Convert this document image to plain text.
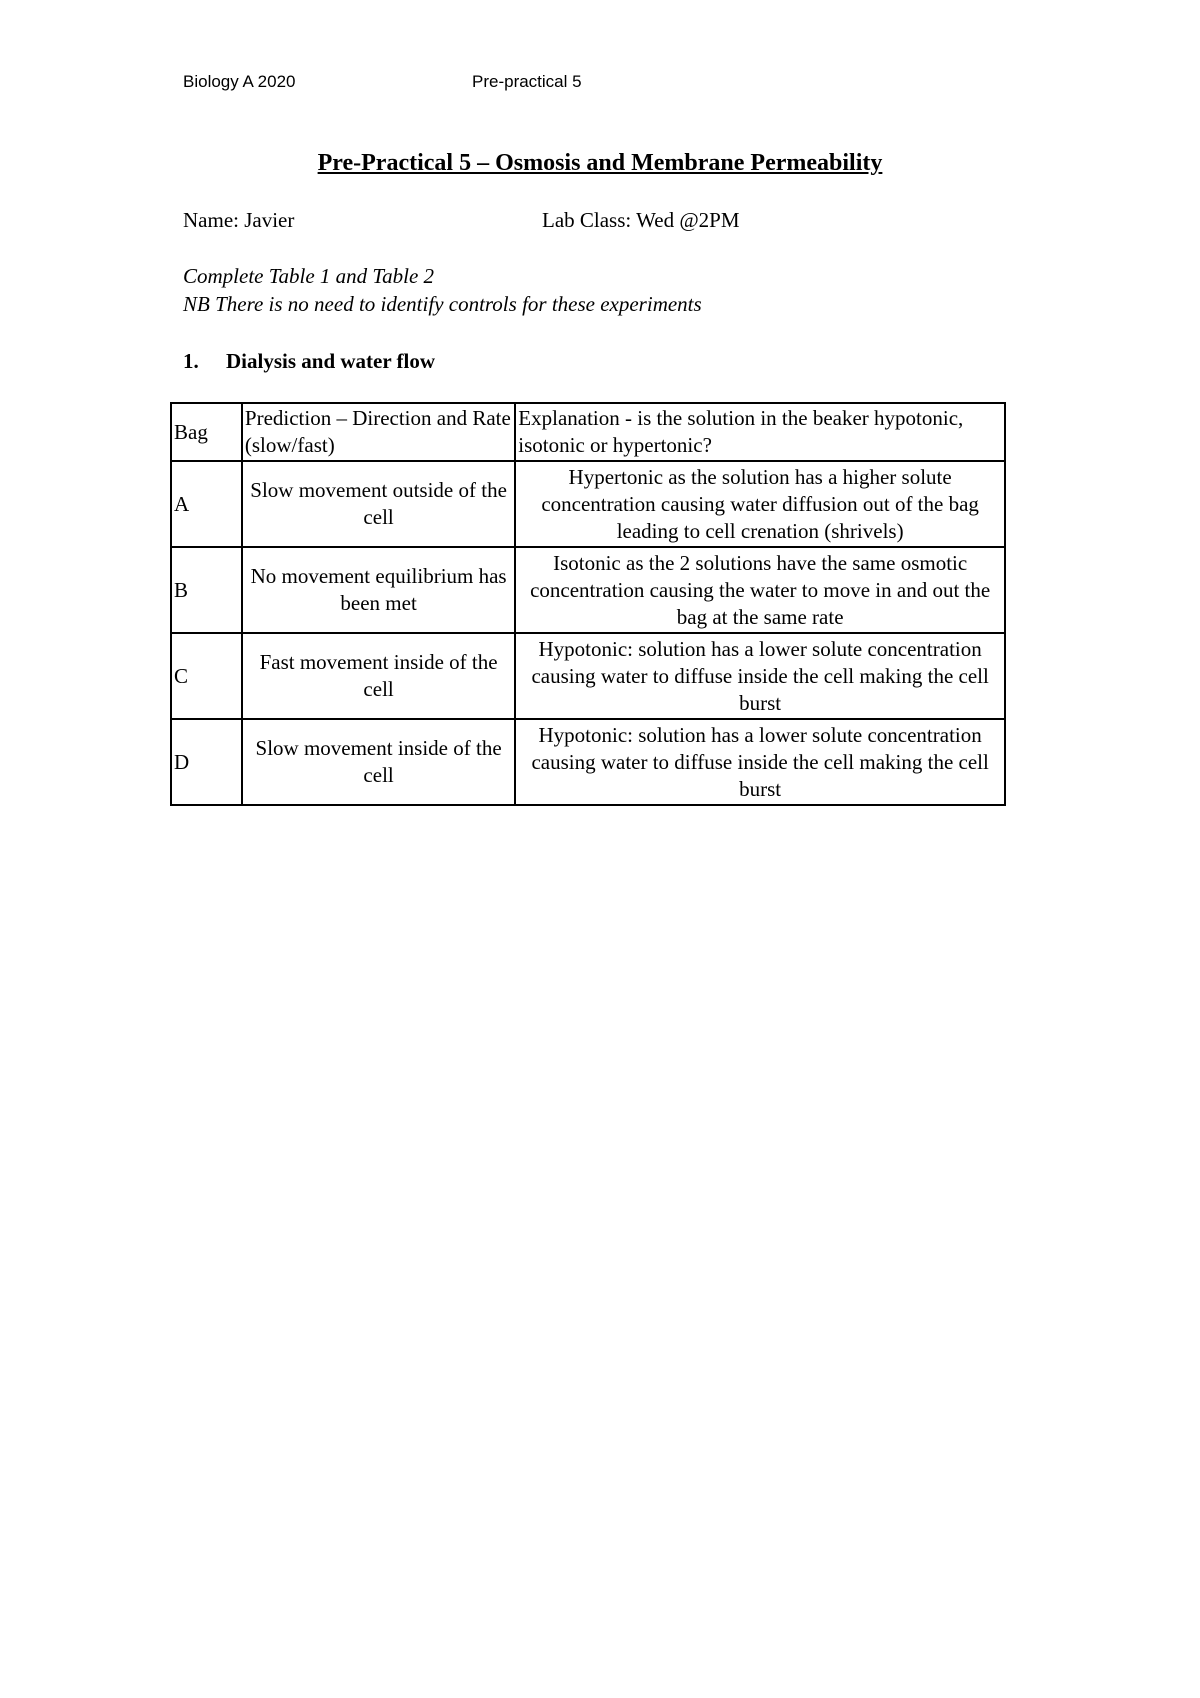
Biology A 2020	Pre-practical 5
Pre-Practical 5 – Osmosis and Membrane Permeability
Name: Javier	Lab Class: Wed @2PM
Complete Table 1 and Table 2
NB There is no need to identify controls for these experiments
1. Dialysis and water flow
Bag	Prediction – Direction and Rate (slow/fast)	Explanation - is the solution in the beaker hypotonic, isotonic or hypertonic?
A	Slow movement outside of the cell	Hypertonic as the solution has a higher solute concentration causing water diffusion out of the bag leading to cell crenation (shrivels)
B	No movement equilibrium has been met	Isotonic as the 2 solutions have the same osmotic concentration causing the water to move in and out the bag at the same rate
C	Fast movement inside of the cell	Hypotonic: solution has a lower solute concentration causing water to diffuse inside the cell making the cell burst
D	Slow movement inside of the cell	Hypotonic: solution has a lower solute concentration causing water to diffuse inside the cell making the cell burst
